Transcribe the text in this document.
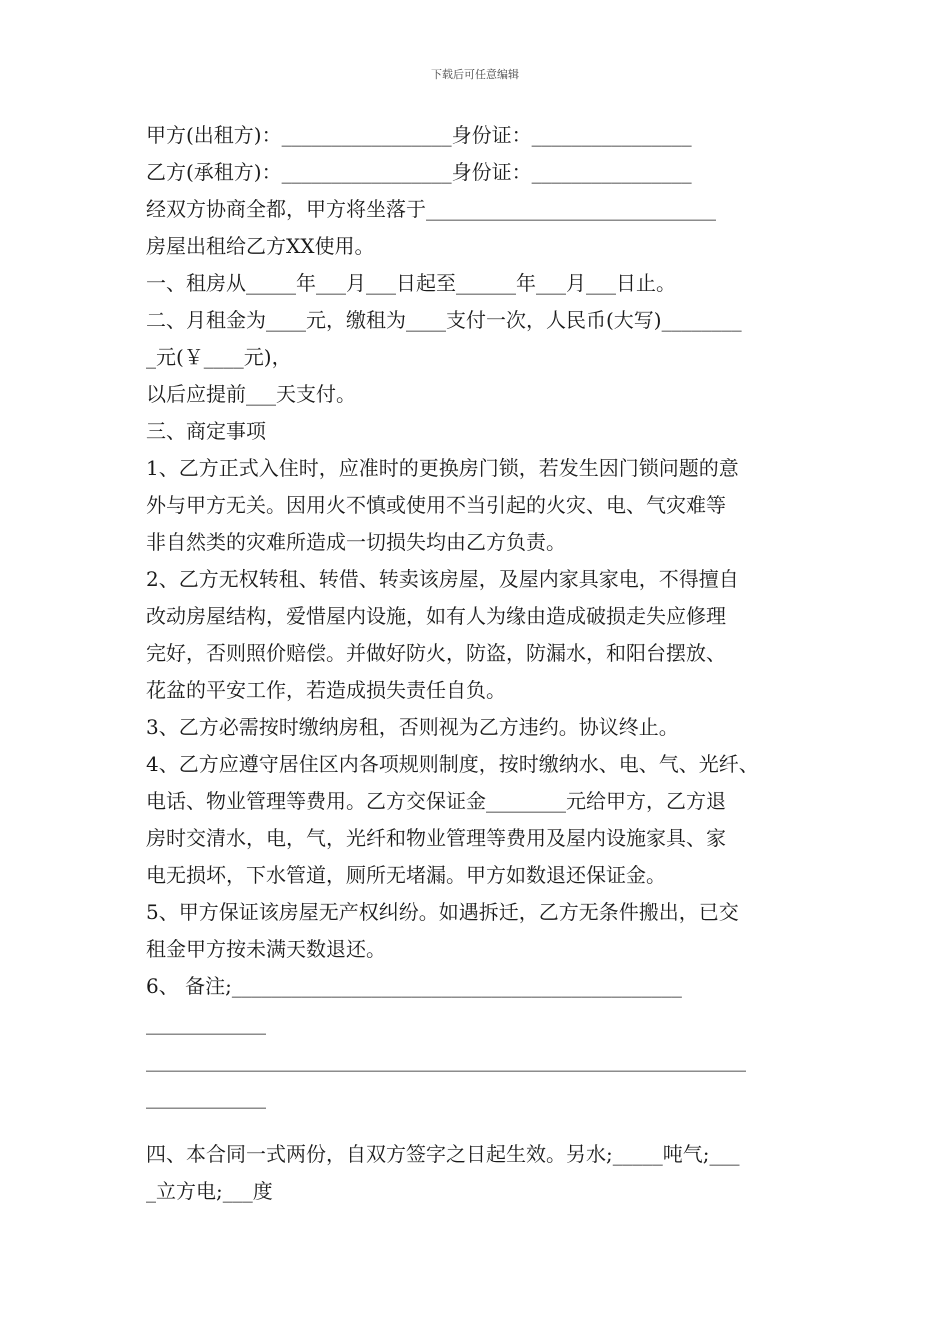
下载后可任意编辑
甲方(出租方)：_________________身份证：________________
乙方(承租方)：_________________身份证：________________
经双方协商全都，甲方将坐落于_____________________________
房屋出租给乙方XX使用。
一、租房从_____年___月___日起至______年___月___日止。
二、月租金为____元，缴租为____支付一次，人民币(大写)________
_元(￥____元)，
以后应提前___天支付。
三、商定事项
1、乙方正式入住时，应准时的更换房门锁，若发生因门锁问题的意
外与甲方无关。因用火不慎或使用不当引起的火灾、电、气灾难等
非自然类的灾难所造成一切损失均由乙方负责。
2、乙方无权转租、转借、转卖该房屋，及屋内家具家电，不得擅自
改动房屋结构，爱惜屋内设施，如有人为缘由造成破损走失应修理
完好，否则照价赔偿。并做好防火，防盗，防漏水，和阳台摆放、
花盆的平安工作，若造成损失责任自负。
3、乙方必需按时缴纳房租，否则视为乙方违约。协议终止。
4、乙方应遵守居住区内各项规则制度，按时缴纳水、电、气、光纤、
电话、物业管理等费用。乙方交保证金________元给甲方，乙方退
房时交清水，电，气，光纤和物业管理等费用及屋内设施家具、家
电无损坏，下水管道，厕所无堵漏。甲方如数退还保证金。
5、甲方保证该房屋无产权纠纷。如遇拆迁，乙方无条件搬出，已交
租金甲方按未满天数退还。
6、 备注;_____________________________________________
____________
____________________________________________________________
____________
四、本合同一式两份，自双方签字之日起生效。另水;_____吨气;___
_立方电;___度
